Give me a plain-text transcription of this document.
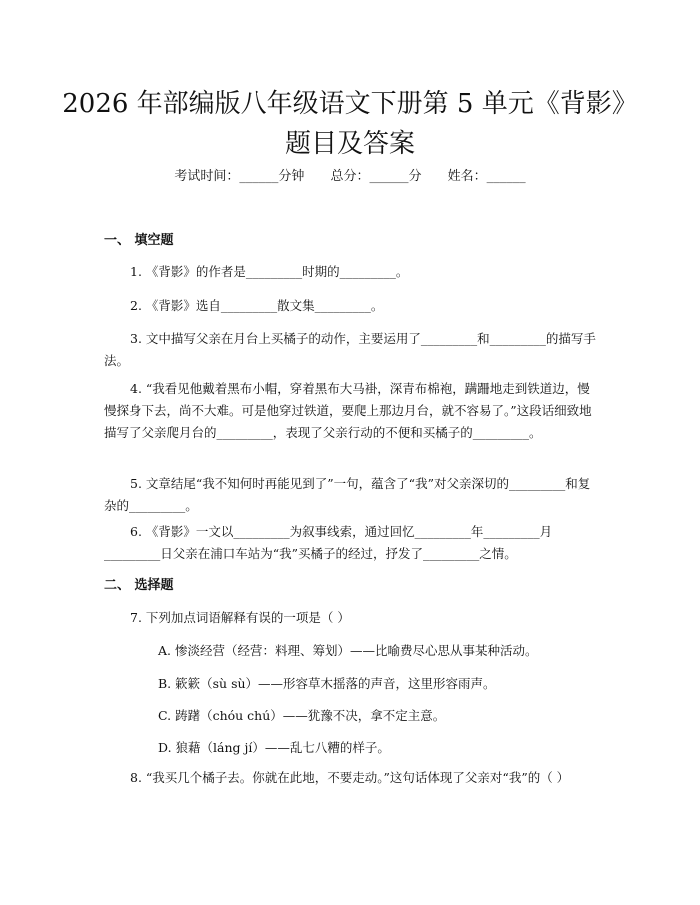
2026 年部编版八年级语文下册第 5 单元《背影》题目及答案
考试时间：______分钟 总分：______分 姓名：______
一、 填空题

1. 《背影》的作者是_________时期的_________。

2. 《背影》选自_________散文集_________。

3. 文中描写父亲在月台上买橘子的动作，主要运用了_________和_________的描写手法。

4. “我看见他戴着黑布小帽，穿着黑布大马褂，深青布棉袍，蹒跚地走到铁道边，慢慢探身下去，尚不大难。可是他穿过铁道，要爬上那边月台，就不容易了。”这段话细致地描写了父亲爬月台的_________，表现了父亲行动的不便和买橘子的_________。

5. 文章结尾“我不知何时再能见到了”一句，蕴含了“我”对父亲深切的_________和复杂的_________。

6. 《背影》一文以_________为叙事线索，通过回忆_________年_________月_________日父亲在浦口车站为“我”买橘子的经过，抒发了_________之情。

二、 选择题

7. 下列加点词语解释有误的一项是（ ）

A. 惨淡经营（经营：料理、筹划）——比喻费尽心思从事某种活动。

B. 簌簌（sù sù）——形容草木摇落的声音，这里形容雨声。

C. 踌躇（chóu chú）——犹豫不决，拿不定主意。

D. 狼藉（láng jí）——乱七八糟的样子。

8. “我买几个橘子去。你就在此地，不要走动。”这句话体现了父亲对“我”的（ ）
